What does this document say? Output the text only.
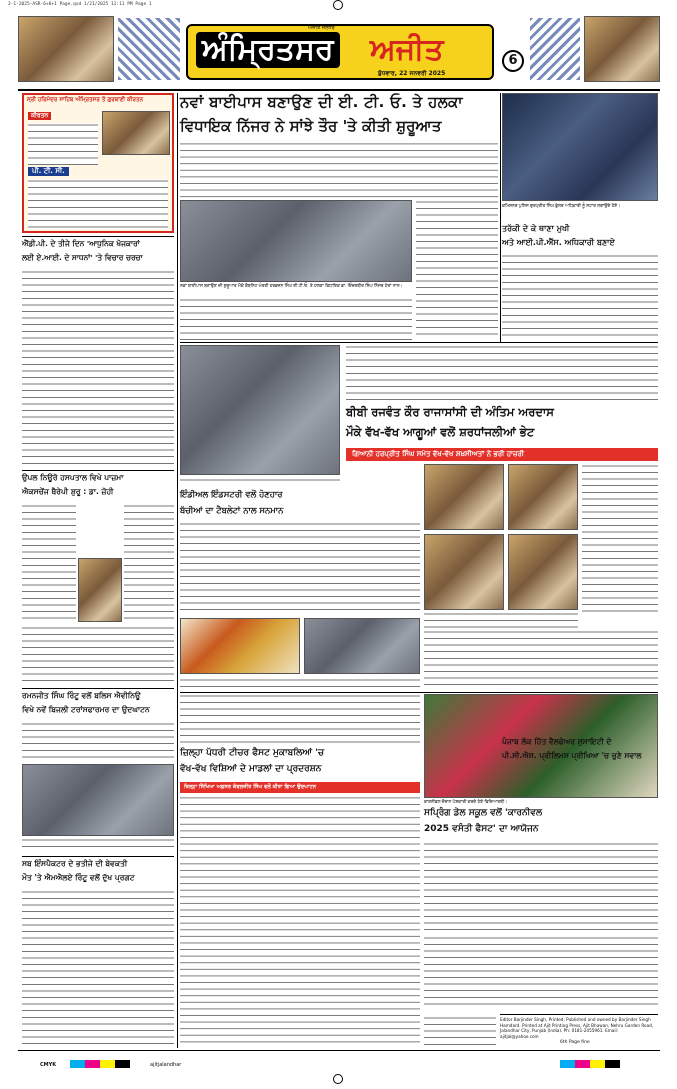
2-1-2025-ASR-6+6+1 Page.qxd 1/21/2025 11:11 PM Page 1
ਅਜੀਤ ਜਲੰਧਰ
ਅੰਮ੍ਰਿਤਸਰ ਅਜੀਤ
ਬੁੱਧਵਾਰ, 22 ਜਨਵਰੀ 2025
6
ਸ੍ਰੀ ਹਰਿਮੰਦਰ ਸਾਹਿਬ ਅੰਮ੍ਰਿਤਸਰ ਤੋਂ ਗੁਰਬਾਣੀ ਕੀਰਤਨ
ਕੀਰਤਨ
ਪੀ. ਟੀ. ਸੀ.
ਨਵਾਂ ਬਾਈਪਾਸ ਬਣਾਉਣ ਦੀ ਈ. ਟੀ. ਓ. ਤੇ ਹਲਕਾ
ਵਿਧਾਇਕ ਨਿੱਜਰ ਨੇ ਸਾਂਝੇ ਤੌਰ 'ਤੇ ਕੀਤੀ ਸ਼ੁਰੂਆਤ
ਨਵਾਂ ਬਾਈਪਾਸ ਬਣਾਉਣ ਦੀ ਸ਼ੁਰੂਆਤ ਮੌਕੇ ਕੈਬਨਿਟ ਮੰਤਰੀ ਹਰਭਜਨ ਸਿੰਘ ਈ.ਟੀ.ਓ. ਤੇ ਹਲਕਾ ਵਿਧਾਇਕ ਡਾ. ਇੰਦਰਬੀਰ ਸਿੰਘ ਨਿੱਜਰ ਹੋਰਾਂ ਨਾਲ।
ਕਮਿਸ਼ਨਰ ਪੁਲਿਸ ਗੁਰਪ੍ਰੀਤ ਸਿੰਘ ਭੁੱਲਰ ਅਧਿਕਾਰੀ ਨੂੰ ਸਟਾਰ ਲਗਾਉਂਦੇ ਹੋਏ।
ਤਰੱਕੀ ਦੇ ਕੇ ਥਾਣਾ ਮੁਖੀ
ਅਤੇ ਆਈ.ਪੀ.ਐੱਸ. ਅਧਿਕਾਰੀ ਬਣਾਏ
ਐੱਡੀ.ਪੀ. ਦੇ ਤੀਜੇ ਦਿਨ 'ਆਧੁਨਿਕ ਖੋਜਕਾਰਾਂ
ਲਈ ਏ.ਆਈ. ਦੇ ਸਾਧਨਾਂ' 'ਤੇ ਵਿਚਾਰ ਚਰਚਾ
ਬੀਬੀ ਰਜਵੰਤ ਕੌਰ ਰਾਜਾਸਾਂਸੀ ਦੀ ਅੰਤਿਮ ਅਰਦਾਸ
ਮੌਕੇ ਵੱਖ-ਵੱਖ ਆਗੂਆਂ ਵਲੋਂ ਸ਼ਰਧਾਂਜਲੀਆਂ ਭੇਟ
ਗਿਆਨੀ ਹਰਪ੍ਰੀਤ ਸਿੰਘ ਸਮੇਤ ਵੱਖ-ਵੱਖ ਸ਼ਖ਼ਸੀਅਤਾਂ ਨੇ ਭਰੀ ਹਾਜ਼ਰੀ
ਉਪਲ ਨਿਊਰੋ ਹਸਪਤਾਲ ਵਿਖੇ ਪਾਜ਼ਮਾ
ਐਕਸਚੇਂਜ ਥੈਰੇਪੀ ਸ਼ੁਰੂ : ਡਾ. ਜ਼ੋਹੀ	ਇੰਡੀਅਲ ਇੰਡਸਟਰੀ ਵਲੋਂ ਹੋਣਹਾਰ
ਬੱਚੀਆਂ ਦਾ ਟੈਬਲੇਟਾਂ ਨਾਲ ਸਨਮਾਨ
ਰਮਨਜੀਤ ਸਿੰਘ ਰਿੰਟੂ ਵਲੋਂ ਬਲਿਸ ਐਵੀਨਿਊ
ਵਿਖੇ ਨਵੇਂ ਬਿਜਲੀ ਟਰਾਂਸਫਾਰਮਰ ਦਾ ਉਦਘਾਟਨ
ਜ਼ਿਲ੍ਹਾ ਪੱਧਰੀ ਟੀਚਰ ਫੈਸਟ ਮੁਕਾਬਲਿਆਂ 'ਚ
ਵੱਖ-ਵੱਖ ਵਿਸ਼ਿਆਂ ਦੇ ਮਾਡਲਾਂ ਦਾ ਪ੍ਰਦਰਸ਼ਨ
ਜ਼ਿਲ੍ਹਾ ਸਿੱਖਿਆ ਅਫ਼ਸਰ ਕੰਵਲਜੀਤ ਸਿੰਘ ਵਲੋਂ ਕੀਤਾ ਗਿਆ ਉਦਘਾਟਨ
ਕਾਰਨੀਵਲ ਦੌਰਾਨ ਪੇਸ਼ਕਾਰੀ ਕਰਦੇ ਹੋਏ ਵਿਦਿਆਰਥੀ।
ਸਪ੍ਰਿੰਗ ਡੇਲ ਸਕੂਲ ਵਲੋਂ 'ਕਾਰਨੀਵਲ
2025 ਵਸੰਤੀ ਫੈਸਟ' ਦਾ ਆਯੋਜਨ
ਸਬ ਇੰਸਪੈਕਟਰ ਦੇ ਭਤੀਜੇ ਦੀ ਬੇਵਕਤੀ
ਮੌਤ 'ਤੇ ਐਮਐਲਏ ਰਿੰਟੂ ਵਲੋਂ ਦੁੱਖ ਪ੍ਰਗਟ
ਪੰਜਾਬ ਲੋਕ ਹਿੱਤ ਵੈਲਫੇਅਰ ਸੁਸਾਇਟੀ ਦੇ
Editor Barjinder Singh, Printed, Published and owned by Barjinder Singh Hamdard. Printed at Ajit Printing Press, Ajit Bhawan, Nehru Garden Road, Jalandhar City, Punjab (India). Ph: 0181-2455961. Email: ajitjal@yahoo.com
ਪੀ.ਸੀ.ਐਸ. ਪ੍ਰੀਲਿਮਸ ਪ੍ਰੀਖਿਆ 'ਚ ਚੁਣੇ ਸਵਾਲ
CMYK	ajitjalandhar
6th Page fine
